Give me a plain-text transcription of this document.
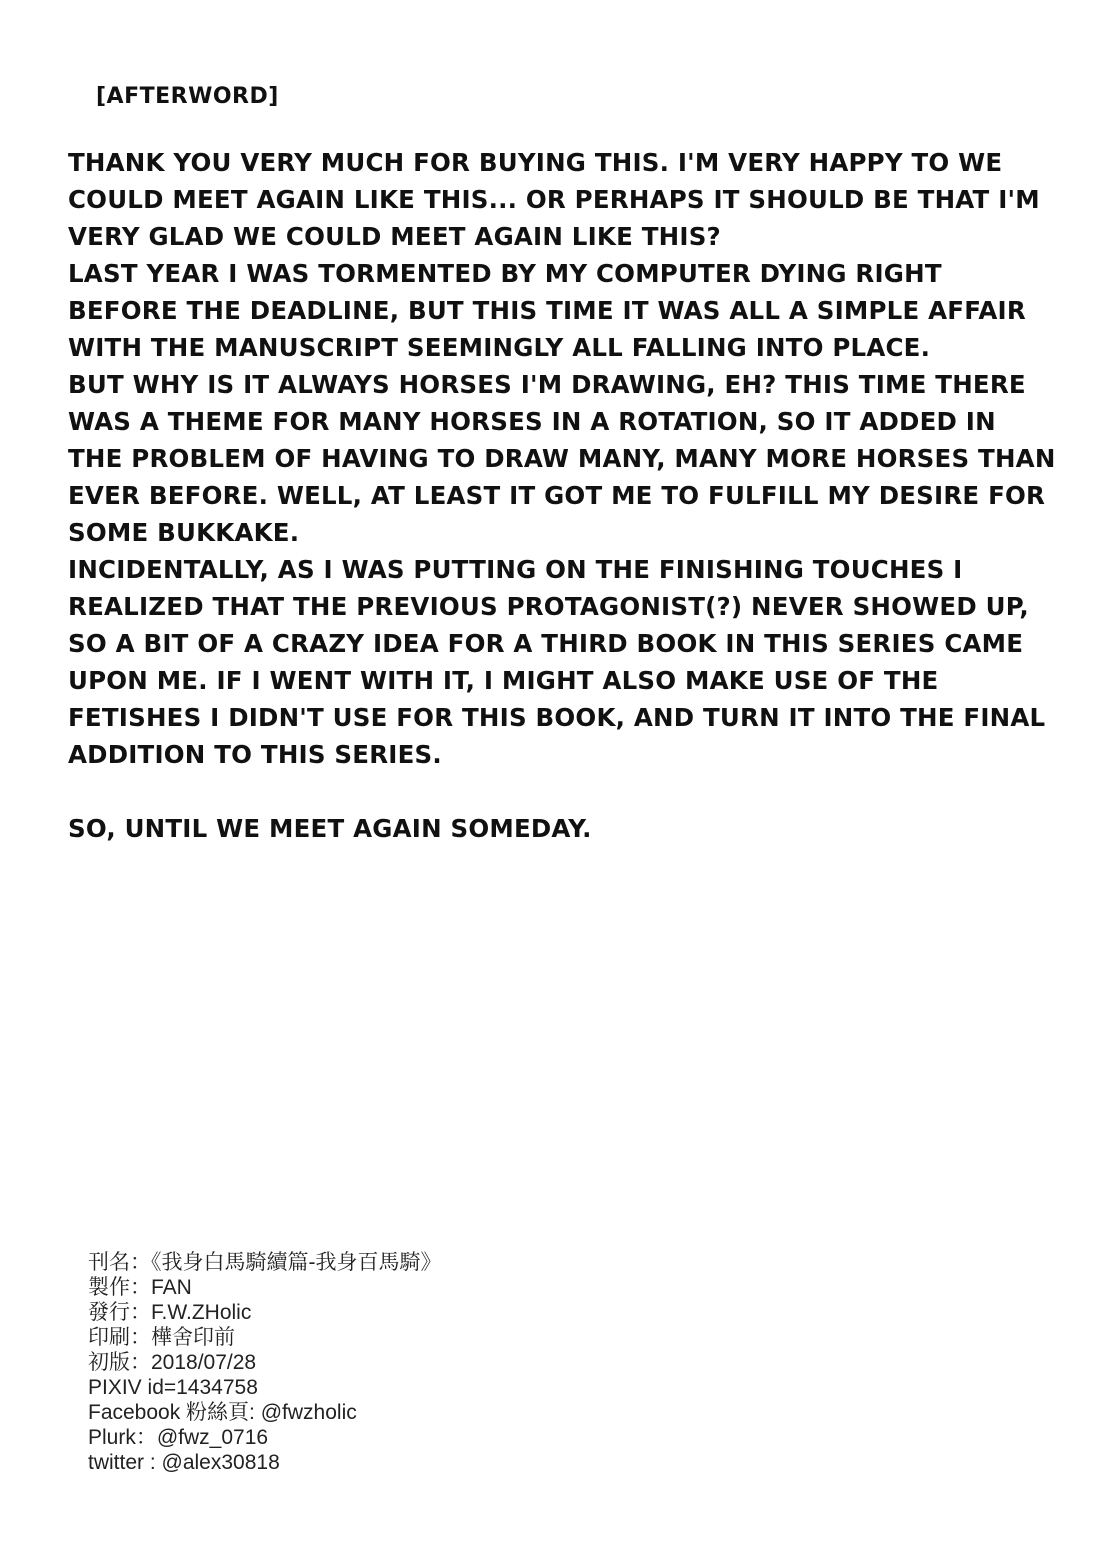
[AFTERWORD]

THANK YOU VERY MUCH FOR BUYING THIS. I'M VERY HAPPY TO WE COULD MEET AGAIN LIKE THIS... OR PERHAPS IT SHOULD BE THAT I'M VERY GLAD WE COULD MEET AGAIN LIKE THIS?

LAST YEAR I WAS TORMENTED BY MY COMPUTER DYING RIGHT BEFORE THE DEADLINE, BUT THIS TIME IT WAS ALL A SIMPLE AFFAIR WITH THE MANUSCRIPT SEEMINGLY ALL FALLING INTO PLACE.

BUT WHY IS IT ALWAYS HORSES I'M DRAWING, EH? THIS TIME THERE WAS A THEME FOR MANY HORSES IN A ROTATION, SO IT ADDED IN THE PROBLEM OF HAVING TO DRAW MANY, MANY MORE HORSES THAN EVER BEFORE. WELL, AT LEAST IT GOT ME TO FULFILL MY DESIRE FOR SOME BUKKAKE.

INCIDENTALLY, AS I WAS PUTTING ON THE FINISHING TOUCHES I REALIZED THAT THE PREVIOUS PROTAGONIST(?) NEVER SHOWED UP, SO A BIT OF A CRAZY IDEA FOR A THIRD BOOK IN THIS SERIES CAME UPON ME. IF I WENT WITH IT, I MIGHT ALSO MAKE USE OF THE FETISHES I DIDN'T USE FOR THIS BOOK, AND TURN IT INTO THE FINAL ADDITION TO THIS SERIES.

SO, UNTIL WE MEET AGAIN SOMEDAY.

刊名：《我身白馬騎續篇-我身百馬騎》
製作：FAN
發行：F.W.ZHolic
印刷：樺舍印前
初版：2018/07/28
PIXIV id=1434758
Facebook 粉絲頁: @fwzholic
Plurk：@fwz_0716
twitter : @alex30818
